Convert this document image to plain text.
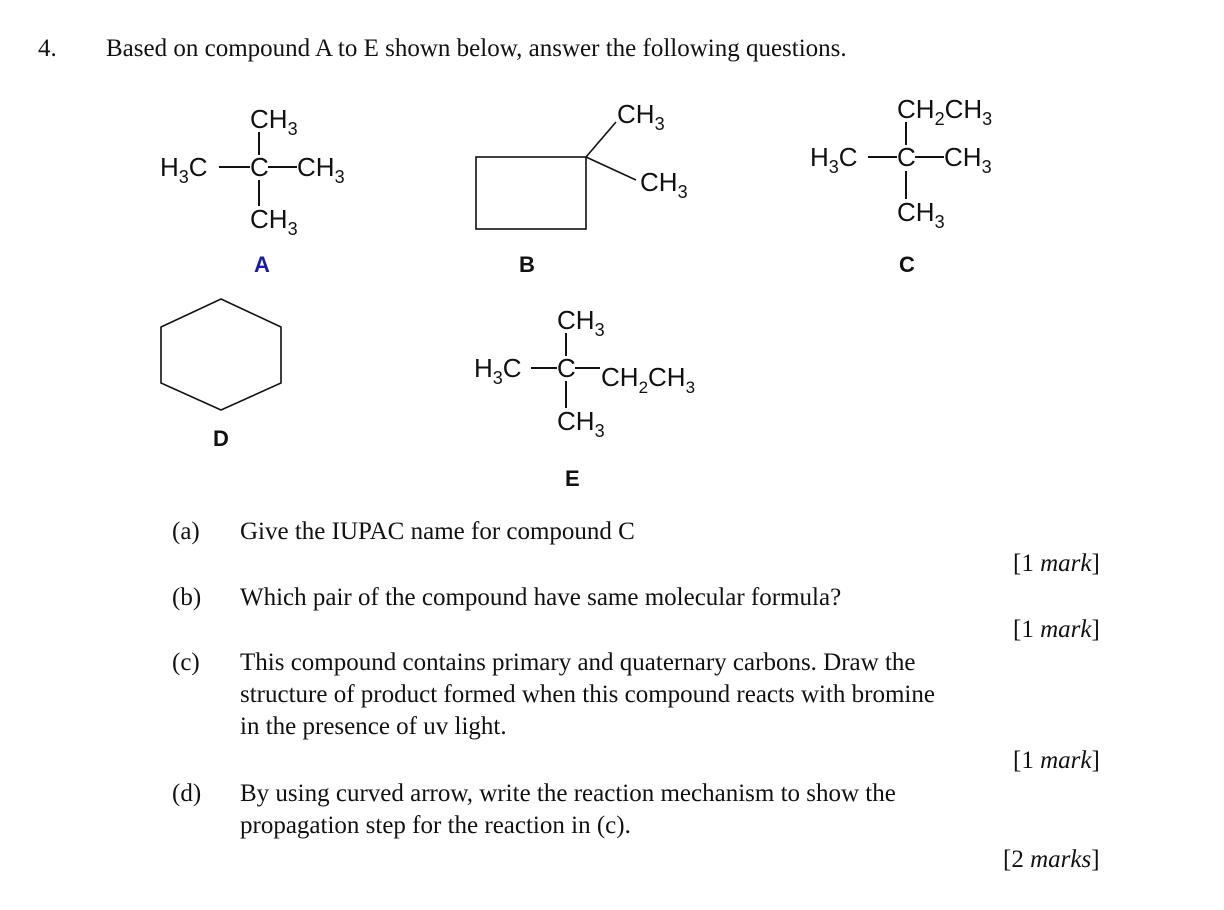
4. Based on compound A to E shown below, answer the following questions.
$CH_3$
$H_3C$ C $CH_3$
$CH_3$
$CH_3$
$CH_3$
$CH_2CH_3$
$H_3C$ C $CH_3$
$CH_3$
$CH_3$
$H_3C$ C $CH_2CH_3$
$CH_3$
A	B	C
D
E
(a) Give the IUPAC name for compound C
[1 mark]
(b) Which pair of the compound have same molecular formula?
[1 mark]
(c) This compound contains primary and quaternary carbons. Draw the
structure of product formed when this compound reacts with bromine
in the presence of uv light.
[1 mark]
(d) By using curved arrow, write the reaction mechanism to show the
propagation step for the reaction in (c).
[2 marks]
